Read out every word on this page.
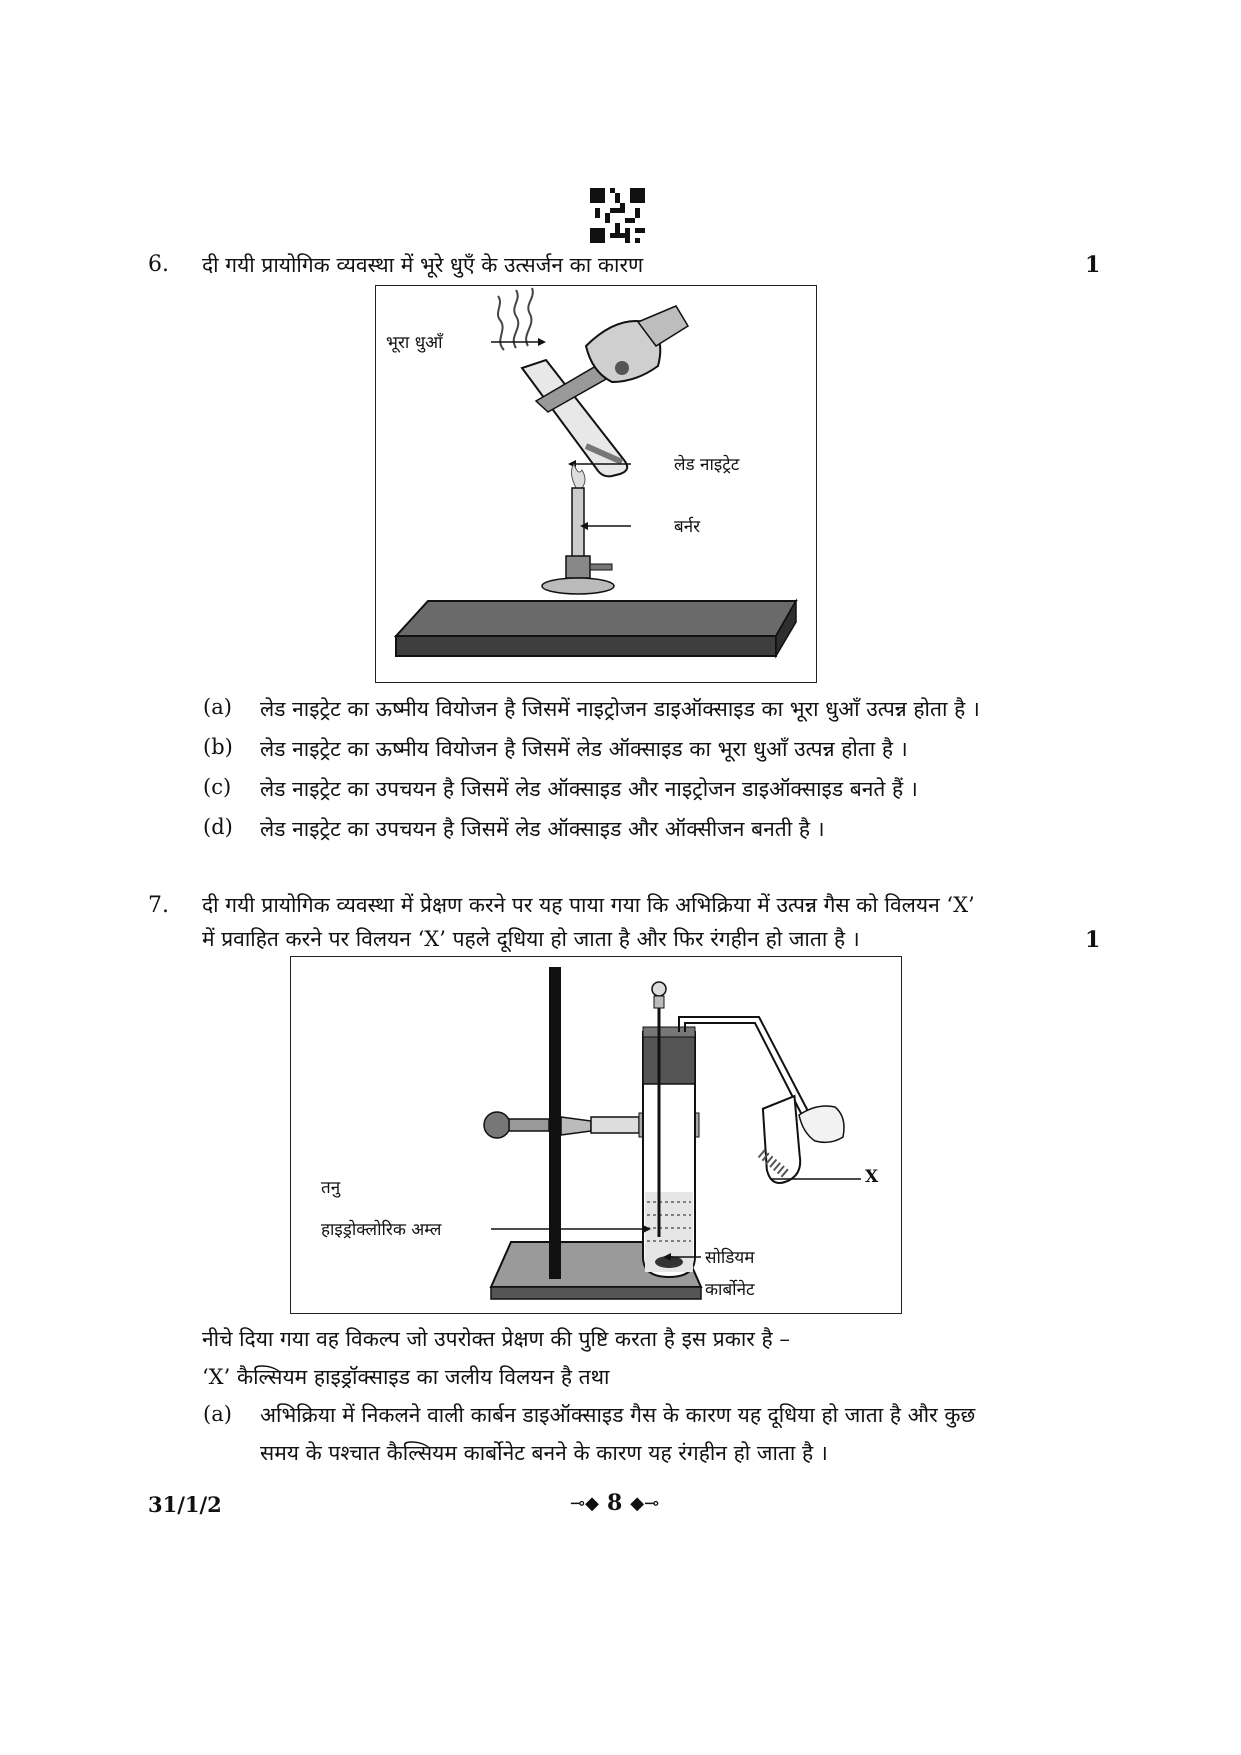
6. दी गयी प्रायोगिक व्यवस्था में भूरे धुएँ के उत्सर्जन का कारण	1
भूरा धुआँ
लेड नाइट्रेट
बर्नर
(a) लेड नाइट्रेट का ऊष्मीय वियोजन है जिसमें नाइट्रोजन डाइऑक्साइड का भूरा धुआँ उत्पन्न होता है ।
(b) लेड नाइट्रेट का ऊष्मीय वियोजन है जिसमें लेड ऑक्साइड का भूरा धुआँ उत्पन्न होता है ।
(c) लेड नाइट्रेट का उपचयन है जिसमें लेड ऑक्साइड और नाइट्रोजन डाइऑक्साइड बनते हैं ।
(d) लेड नाइट्रेट का उपचयन है जिसमें लेड ऑक्साइड और ऑक्सीजन बनती है ।
7. दी गयी प्रायोगिक व्यवस्था में प्रेक्षण करने पर यह पाया गया कि अभिक्रिया में उत्पन्न गैस को विलयन ‘X’
में प्रवाहित करने पर विलयन ‘X’ पहले दूधिया हो जाता है और फिर रंगहीन हो जाता है ।	1
तनु
हाइड्रोक्लोरिक अम्ल
सोडियम
कार्बोनेट
X
नीचे दिया गया वह विकल्प जो उपरोक्त प्रेक्षण की पुष्टि करता है इस प्रकार है –
‘X’ कैल्सियम हाइड्रॉक्साइड का जलीय विलयन है तथा
(a) अभिक्रिया में निकलने वाली कार्बन डाइऑक्साइड गैस के कारण यह दूधिया हो जाता है और कुछ
समय के पश्चात कैल्सियम कार्बोनेट बनने के कारण यह रंगहीन हो जाता है ।
31/1/2	⊸◆ 8 ◆⊸
